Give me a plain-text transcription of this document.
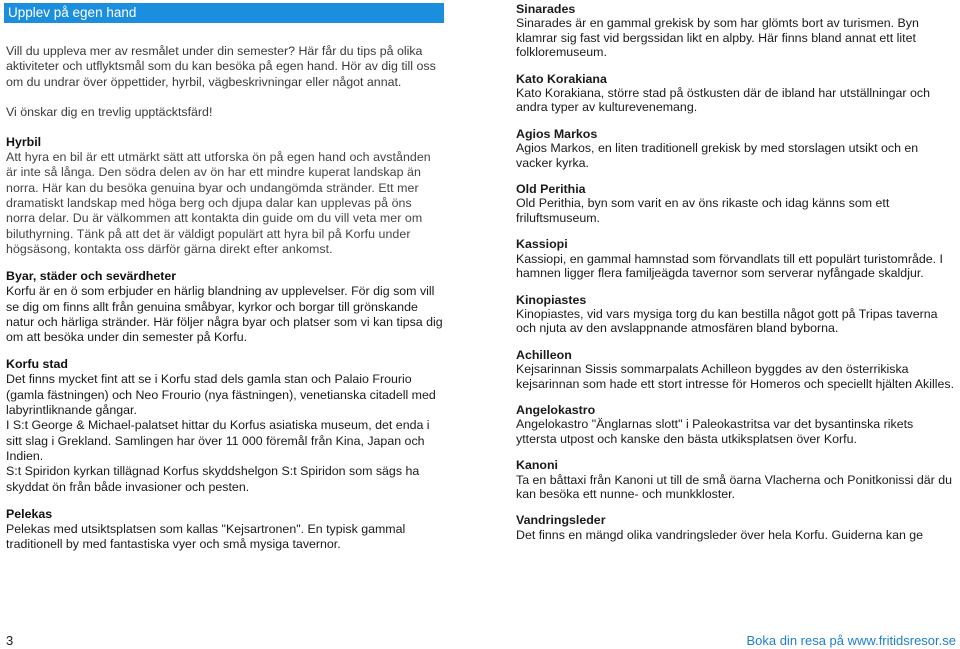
Upplev på egen hand

Vill du uppleva mer av resmålet under din semester? Här får du tips på olika aktiviteter och utflyktsmål som du kan besöka på egen hand. Hör av dig till oss om du undrar över öppettider, hyrbil, vägbeskrivningar eller något annat.

Vi önskar dig en trevlig upptäcktsfärd!

Hyrbil

Att hyra en bil är ett utmärkt sätt att utforska ön på egen hand och avstånden är inte så långa. Den södra delen av ön har ett mindre kuperat landskap än norra. Här kan du besöka genuina byar och undangömda stränder. Ett mer dramatiskt landskap med höga berg och djupa dalar kan upplevas på öns norra delar. Du är välkommen att kontakta din guide om du vill veta mer om biluthyrning. Tänk på att det är väldigt populärt att hyra bil på Korfu under högsäsong, kontakta oss därför gärna direkt efter ankomst.

Byar, städer och sevärdheter

Korfu är en ö som erbjuder en härlig blandning av upplevelser. För dig som vill se dig om finns allt från genuina småbyar, kyrkor och borgar till grönskande natur och härliga stränder. Här följer några byar och platser som vi kan tipsa dig om att besöka under din semester på Korfu.

Korfu stad

Det finns mycket fint att se i Korfu stad dels gamla stan och Palaio Frourio (gamla fästningen) och Neo Frourio (nya fästningen), venetianska citadell med labyrintliknande gångar.

I S:t George & Michael-palatset hittar du Korfus asiatiska museum, det enda i sitt slag i Grekland. Samlingen har över 11 000 föremål från Kina, Japan och Indien.

S:t Spiridon kyrkan tillägnad Korfus skyddshelgon S:t Spiridon som sägs ha skyddat ön från både invasioner och pesten.

Pelekas

Pelekas med utsiktsplatsen som kallas "Kejsartronen". En typisk gammal traditionell by med fantastiska vyer och små mysiga tavernor.

Sinarades
Sinarades är en gammal grekisk by som har glömts bort av turismen. Byn klamrar sig fast vid bergssidan likt en alpby. Här finns bland annat ett litet folkloremuseum.
Kato Korakiana
Kato Korakiana, större stad på östkusten där de ibland har utställningar och andra typer av kulturevenemang.
Agios Markos
Agios Markos, en liten traditionell grekisk by med storslagen utsikt och en vacker kyrka.
Old Perithia
Old Perithia, byn som varit en av öns rikaste och idag känns som ett friluftsmuseum.
Kassiopi
Kassiopi, en gammal hamnstad som förvandlats till ett populärt turistområde. I hamnen ligger flera familjeägda tavernor som serverar nyfångade skaldjur.
Kinopiastes
Kinopiastes, vid vars mysiga torg du kan bestilla något gott på Tripas taverna och njuta av den avslappnande atmosfären bland byborna.
Achilleon
Kejsarinnan Sissis sommarpalats Achilleon byggdes av den österrikiska kejsarinnan som hade ett stort intresse för Homeros och speciellt hjälten Akilles.
Angelokastro
Angelokastro "Änglarnas slott" i Paleokastritsa var det bysantinska rikets yttersta utpost och kanske den bästa utkiksplatsen över Korfu.
Kanoni
Ta en båttaxi från Kanoni ut till de små öarna Vlacherna och Ponitkonissi där du kan besöka ett nunne- och munkkloster.
Vandringsleder
Det finns en mängd olika vandringsleder över hela Korfu. Guiderna kan ge
3	Boka din resa på www.fritidsresor.se
